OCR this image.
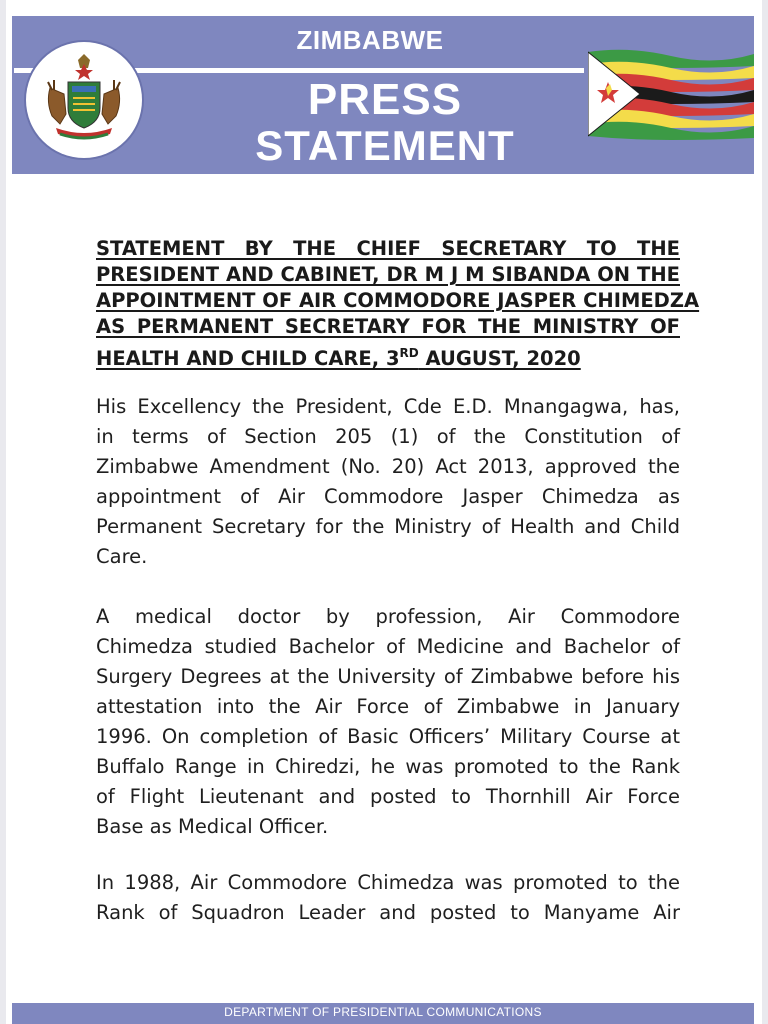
ZIMBABWE
PRESS
STATEMENT
STATEMENT BY THE CHIEF SECRETARY TO THE
PRESIDENT AND CABINET, DR M J M SIBANDA ON THE
APPOINTMENT OF AIR COMMODORE JASPER CHIMEDZA
AS PERMANENT SECRETARY FOR THE MINISTRY OF
HEALTH AND CHILD CARE, 3RD AUGUST, 2020
His Excellency the President, Cde E.D. Mnangagwa, has,
in terms of Section 205 (1) of the Constitution of
Zimbabwe Amendment (No. 20) Act 2013, approved the
appointment of Air Commodore Jasper Chimedza as
Permanent Secretary for the Ministry of Health and Child
Care.
A medical doctor by profession, Air Commodore
Chimedza studied Bachelor of Medicine and Bachelor of
Surgery Degrees at the University of Zimbabwe before his
attestation into the Air Force of Zimbabwe in January
1996. On completion of Basic Officers’ Military Course at
Buffalo Range in Chiredzi, he was promoted to the Rank
of Flight Lieutenant and posted to Thornhill Air Force
Base as Medical Officer.
In 1988, Air Commodore Chimedza was promoted to the
Rank of Squadron Leader and posted to Manyame Air
DEPARTMENT OF PRESIDENTIAL COMMUNICATIONS
